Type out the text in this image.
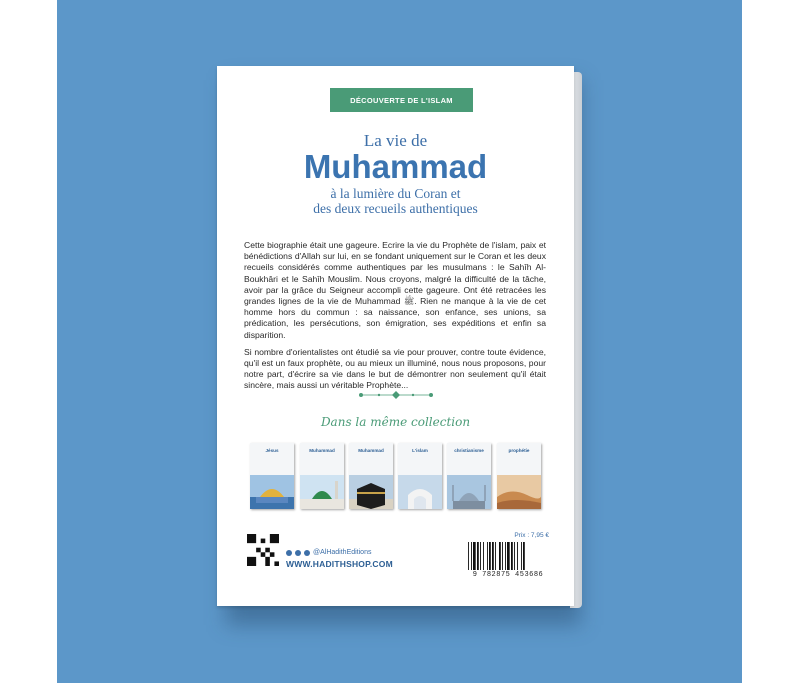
DÉCOUVERTE DE L'ISLAM
La vie de
Muhammad
à la lumière du Coran et
des deux recueils authentiques

Cette biographie était une gageure. Ecrire la vie du Prophète de l'islam, paix et bénédictions d'Allah sur lui, en se fondant uniquement sur le Coran et les deux recueils considérés comme authentiques par les musulmans : le Sahîh Al-Boukhâri et le Sahîh Mouslim. Nous croyons, malgré la difficulté de la tâche, avoir par la grâce du Seigneur accompli cette gageure. Ont été retracées les grandes lignes de la vie de Muhammad ﷺ. Rien ne manque à la vie de cet homme hors du commun : sa naissance, son enfance, ses unions, sa prédication, les persécutions, son émigration, ses expéditions et enfin sa disparition.

Si nombre d'orientalistes ont étudié sa vie pour prouver, contre toute évidence, qu'il est un faux prophète, ou au mieux un illuminé, nous nous proposons, pour notre part, d'écrire sa vie dans le but de démontrer non seulement qu'il était sincère, mais aussi un véritable Prophète...

Dans la même collection
Jésus	Muhammad	Muhammad	L'islam	christianisme	prophétie
@AlHadithEditions
WWW.HADITHSHOP.COM
Prix : 7,95 €
9 782875 453686
